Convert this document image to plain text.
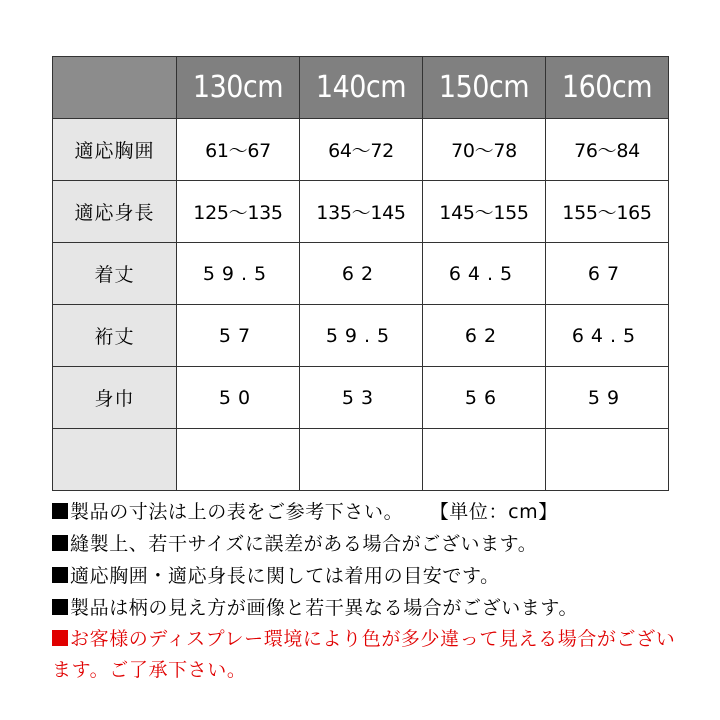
	130cm	140cm	150cm	160cm
適応胸囲	61～67	64～72	70～78	76～84
適応身長	125～135	135～145	145～155	155～165
着丈	59.5	62	64.5	67
裄丈	57	59.5	62	64.5
身巾	50	53	56	59

製品の寸法は上の表をご参考下さい。 【単位：cm】
縫製上、若干サイズに誤差がある場合がございます。
適応胸囲・適応身長に関しては着用の目安です。
製品は柄の見え方が画像と若干異なる場合がございます。
お客様のディスプレー環境により色が多少違って見える場合がございます。ご了承下さい。
